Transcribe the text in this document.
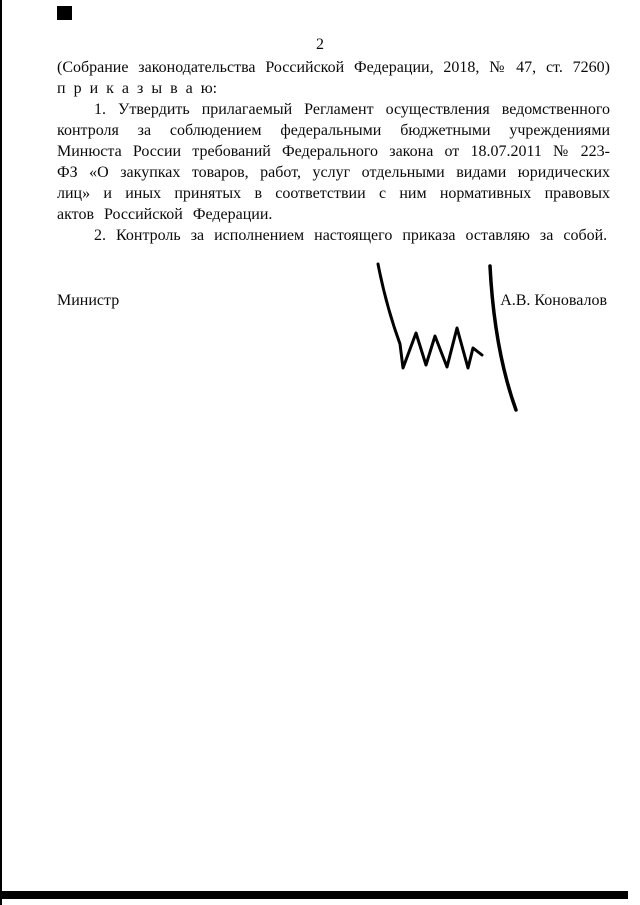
2
(Собрание законодательства Российской Федерации, 2018, № 47, ст. 7260)
п р и к а з ы в а ю:

1. Утвердить прилагаемый Регламент осуществления ведомственного контроля за соблюдением федеральными бюджетными учреждениями Минюста России требований Федерального закона от 18.07.2011 № 223-ФЗ «О закупках товаров, работ, услуг отдельными видами юридических лиц» и иных принятых в соответствии с ним нормативных правовых актов Российской Федерации.

2. Контроль за исполнением настоящего приказа оставляю за собой.

Министр	А.В. Коновалов
